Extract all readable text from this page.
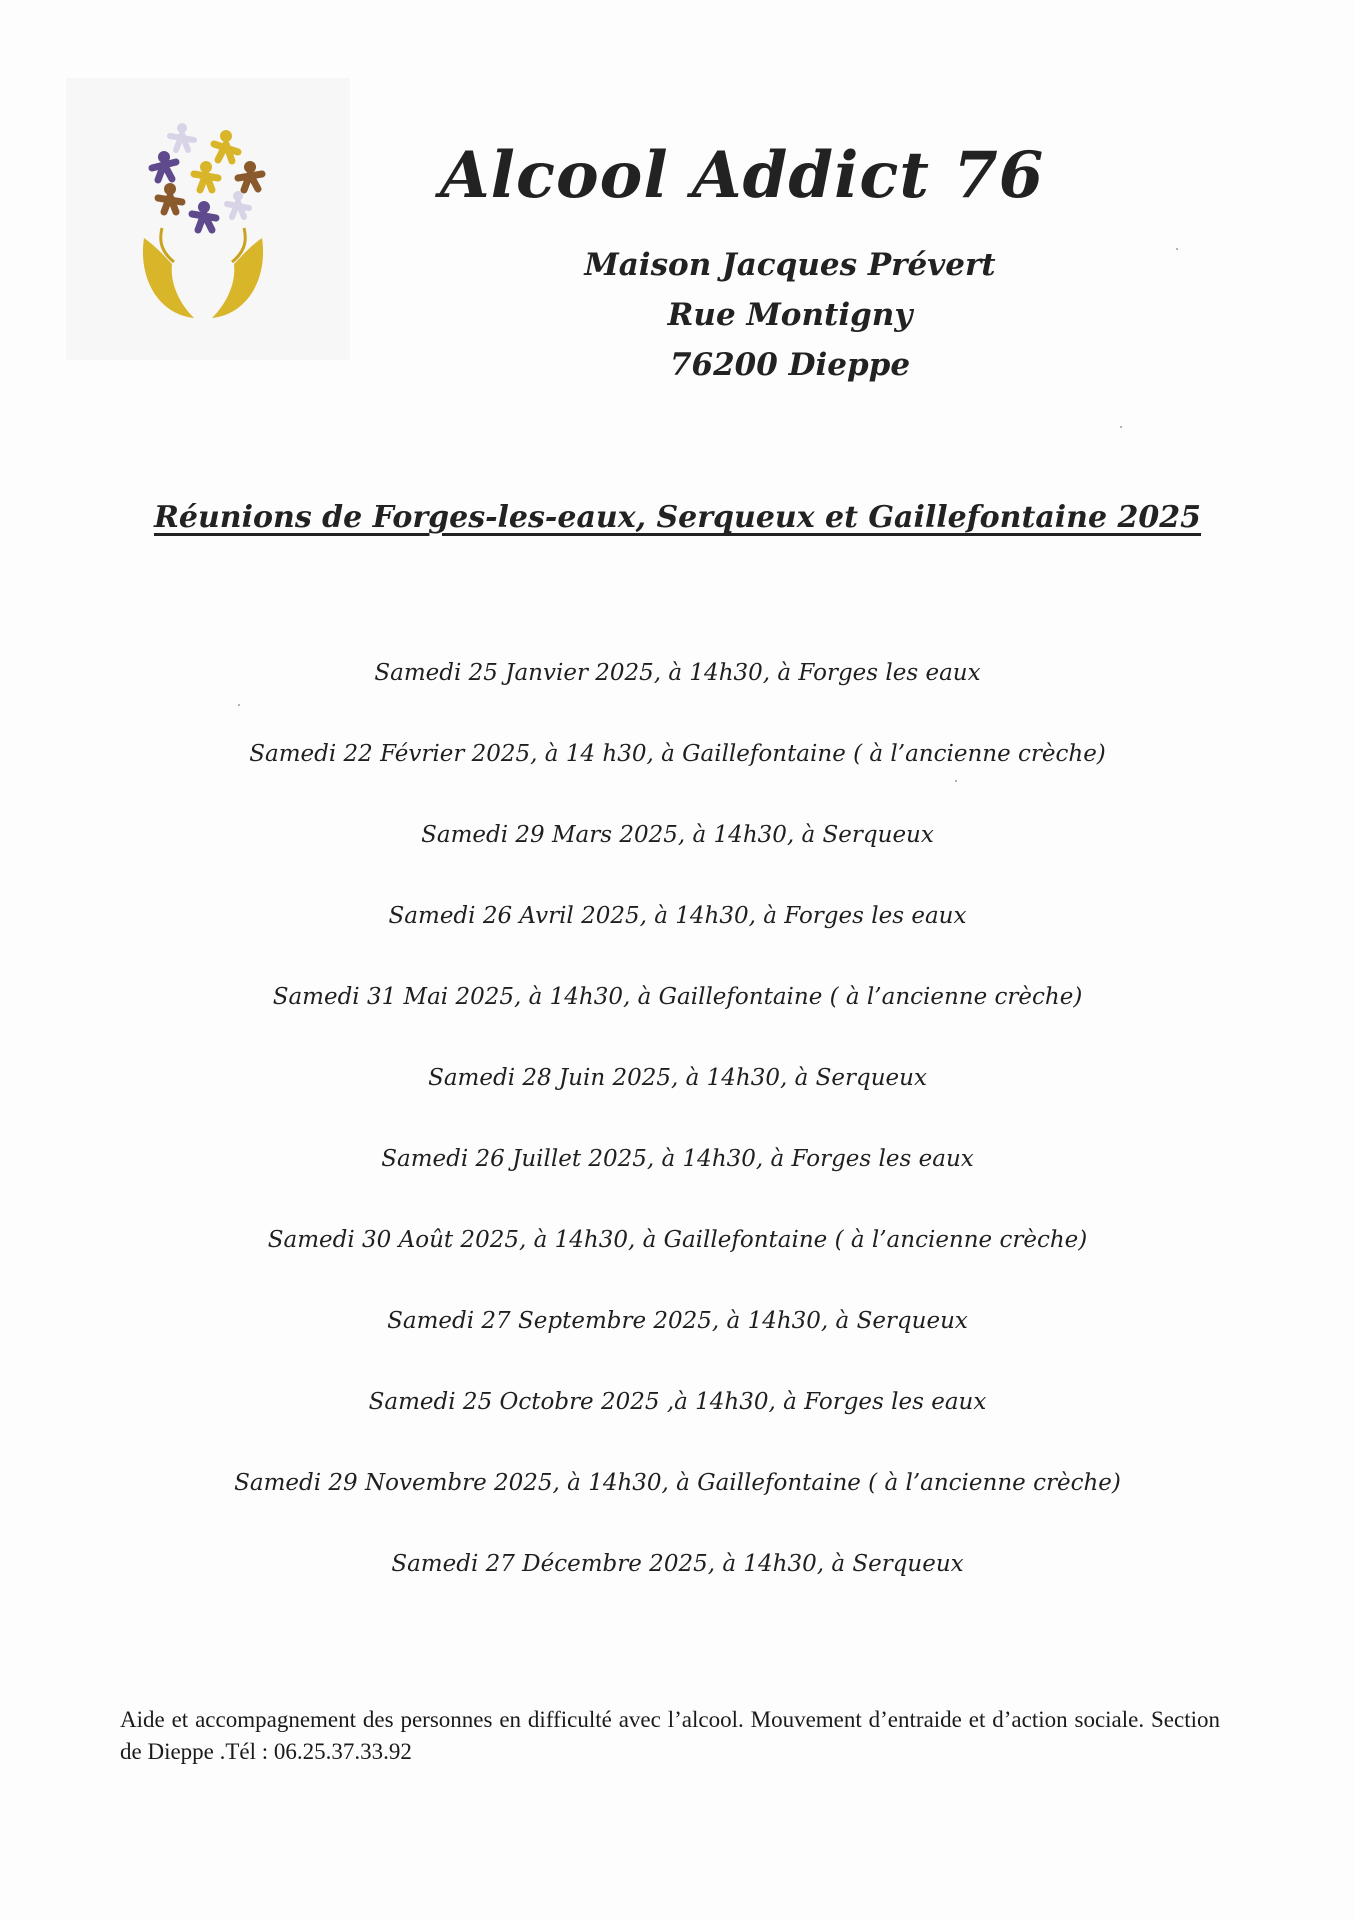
Alcool Addict 76
Maison Jacques Prévert
Rue Montigny
76200 Dieppe
Réunions de Forges-les-eaux, Serqueux et Gaillefontaine 2025
Samedi 25 Janvier 2025, à 14h30, à Forges les eaux
Samedi 22 Février 2025, à 14 h30, à Gaillefontaine ( à l’ancienne crèche)
Samedi 29 Mars 2025, à 14h30, à Serqueux
Samedi 26 Avril 2025, à 14h30, à Forges les eaux
Samedi 31 Mai 2025, à 14h30, à Gaillefontaine ( à l’ancienne crèche)
Samedi 28 Juin 2025, à 14h30, à Serqueux
Samedi 26 Juillet 2025, à 14h30, à Forges les eaux
Samedi 30 Août 2025, à 14h30, à Gaillefontaine ( à l’ancienne crèche)
Samedi 27 Septembre 2025, à 14h30, à Serqueux
Samedi 25 Octobre 2025 ,à 14h30, à Forges les eaux
Samedi 29 Novembre 2025, à 14h30, à Gaillefontaine ( à l’ancienne crèche)
Samedi 27 Décembre 2025, à 14h30, à Serqueux
Aide et accompagnement des personnes en difficulté avec l’alcool. Mouvement d’entraide et d’action sociale. Section de Dieppe .Tél : 06.25.37.33.92
